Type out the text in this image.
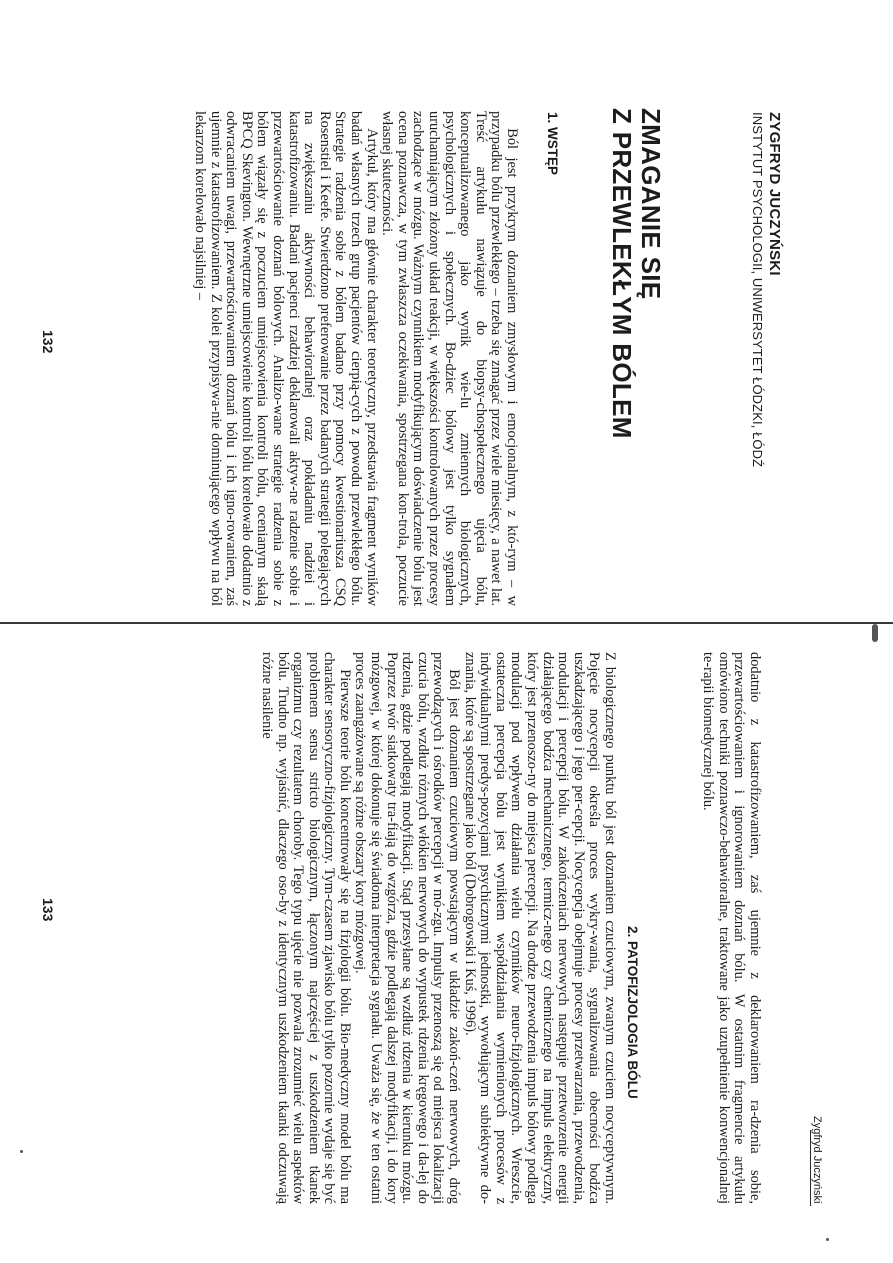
ZYGFRYD JUCZYŃSKI
INSTYTUT PSYCHOLOGII, UNIWERSYTET ŁÓDZKI, ŁÓDŹ
ZMAGANIE SIĘ
Z PRZEWLEKŁYM BÓLEM
1. WSTĘP

Ból jest przykrym doznaniem zmysłowym i emocjonalnym, z któ-rym – w przypadku bólu przewlekłego – trzeba się zmagać przez wiele miesięcy, a nawet lat. Treść artykułu nawiązuje do biopsy-chospołecznego ujęcia bólu, konceptualizowanego jako wynik wie-lu zmiennych biologicznych, psychologicznych i społecznych. Bo-dziec bólowy jest tylko sygnałem uruchamiającym złożony układ reakcji, w większości kontrolowanych przez procesy zachodzące w mózgu. Ważnym czynnikiem modyfikującym doświadczenie bólu jest ocena poznawcza, w tym zwłaszcza oczekiwania, spostrzegana kon-trola, poczucie własnej skuteczności.

Artykuł, który ma głównie charakter teoretyczny, przedstawia fragment wyników badań własnych trzech grup pacjentów cierpią-cych z powodu przewlekłego bólu. Strategie radzenia sobie z bólem badano przy pomocy kwestionariusza CSQ Rosenstiel i Keefe. Stwierdzono preferowanie przez badanych strategii polegających na zwiększaniu aktywności behawioralnej oraz pokładaniu nadziei i katastrofizowaniu. Badani pacjenci rzadziej deklarowali aktyw-ne radzenie sobie i przewartościowanie doznań bólowych. Analizo-wane strategie radzenia sobie z bólem wiązały się z poczuciem umiejscowienia kontroli bólu, ocenianym skalą BPCQ Skevington. Wewnętrzne umiejscowienie kontroli bólu korelowało dodatnio z odwracaniem uwagi, przewartościowaniem doznań bólu i ich igno-rowaniem, zaś ujemnie z katastrofizowaniem. Z kolei przypisywa-nie dominującego wpływu na ból lekarzom korelowało najsilniej –

132
Zygfryd Juczyński

dodatnio z katastrofizowaniem, zaś ujemnie z deklarowaniem ra-dzenia sobie, przewartościowaniem i ignorowaniem doznań bólu. W ostatnim fragmencie artykułu omówiono techniki poznawczo-behawioralne, traktowane jako uzupełnienie konwencjonalnej te-rapii biomedycznej bólu.

2. PATOFIZJOLOGIA BÓLU

Z biologicznego punktu ból jest doznaniem czuciowym, zwanym czuciem nocyceptywnym. Pojęcie nocycepcji określa proces wykry-wania, sygnalizowania obecności bodźca uszkadzającego i jego per-cepcji. Nocycepcja obejmuje procesy przetwarzania, przewodzenia, modulacji i percepcji bólu. W zakończeniach nerwowych następuje przetworzenie energii działającego bodźca mechanicznego, termicz-nego czy chemicznego na impuls elektryczny, który jest przenoszo-ny do miejsca percepcji. Na drodze przewodzenia impuls bólowy podlega modulacji pod wpływem działania wielu czynników neuro-fizjologicznych. Wreszcie, ostateczna percepcja bólu jest wynikiem współdziałania wymienionych procesów z indywidualnymi predys-pozycjami psychicznymi jednostki, wywołującym subiektywne do-znania, które są spostrzegane jako ból (Dobrogowski i Kuś, 1996).

Ból jest doznaniem czuciowym powstającym w układzie zakoń-czeń nerwowych, dróg przewodzących i ośrodków percepcji w mó-zgu. Impulsy przenoszą się od miejsca lokalizacji czucia bólu, wzdłuż różnych włókien nerwowych do wypustek rdzenia kręgowego i da-lej do rdzenia, gdzie podlegają modyfikacji. Stąd przesyłane są wzdłuż rdzenia w kierunku mózgu. Poprzez twór siatkowaty tra-fiają do wzgórza, gdzie podlegają dalszej modyfikacji, i do kory mózgowej, w której dokonuje się świadoma interpretacja sygnału. Uważa się, że w ten ostatni proces zaangażowane są różne obszary kory mózgowej.

Pierwsze teorie bólu koncentrowały się na fizjologii bólu. Bio-medyczny model bólu ma charakter sensoryczno-fizjologiczny. Tym-czasem zjawisko bólu tylko pozornie wydaje się być problemem sensu stricto biologicznym, łączonym najczęściej z uszkodzeniem tkanek organizmu czy rezultatem choroby. Tego typu ujęcie nie pozwala zrozumieć wielu aspektów bólu. Trudno np. wyjaśnić, dlaczego oso-by z identycznym uszkodzeniem tkanki odczuwają różne nasilenie

133
